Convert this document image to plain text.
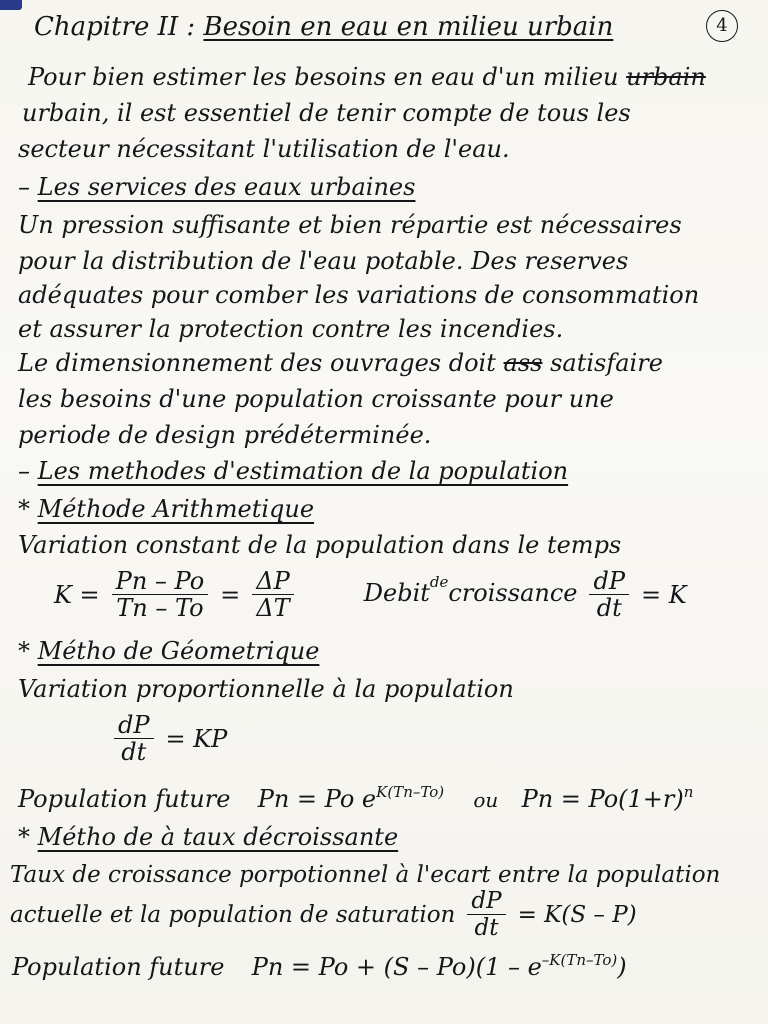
Chapitre II : Besoin en eau en milieu urbain	4
Pour bien estimer les besoins en eau d'un milieu urbain
urbain, il est essentiel de tenir compte de tous les
secteur nécessitant l'utilisation de l'eau.
– Les services des eaux urbaines
Un pression suffisante et bien répartie est nécessaires
pour la distribution de l'eau potable. Des reserves
adéquates pour comber les variations de consommation
et assurer la protection contre les incendies.
Le dimensionnement des ouvrages doit ass satisfaire
les besoins d'une population croissante pour une
periode de design prédéterminée.
– Les methodes d'estimation de la population
* Méthode Arithmetique
Variation constant de la population dans le temps
$K = \frac{Pn - Po}{Tn - To} = \frac{\Delta P}{\Delta T}$	Debit$^{de}$croissance $\frac{dP}{dt} = K$
* Métho de Géometrique
Variation proportionnelle à la population
$\frac{dP}{dt}$ = KP
Population future Pn = Po $e^{K(Tn-To)}$ ou $Pn = Po(1+r)^n$
* Métho de à taux décroissante
Taux de croissance porpotionnel à l'ecart entre la population
actuelle et la population de saturation $\frac{dP}{dt} = K(S - P)$
Population future $Pn = Po + (S - Po)(1 - e^{-K(Tn-To)})$
